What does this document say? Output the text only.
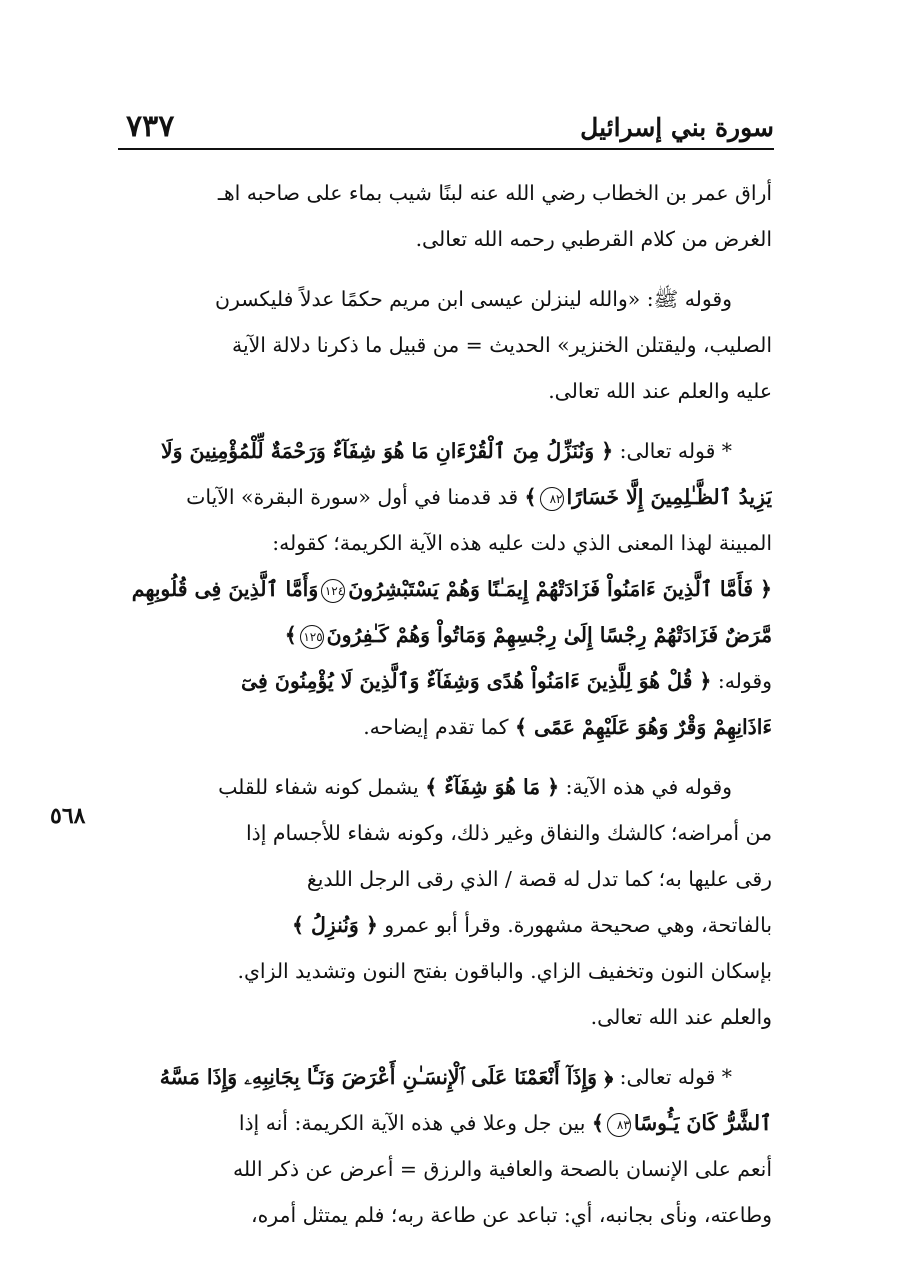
سورة بني إسرائيل
٧٣٧
٥٦٨

أراق عمر بن الخطاب رضي الله عنه لبنًا شيب بماء على صاحبه اهـ
الغرض من كلام القرطبي رحمه الله تعالى.

وقوله ﷺ: «والله لينزلن عيسى ابن مريم حكمًا عدلاً فليكسرن
الصليب، وليقتلن الخنزير» الحديث = من قبيل ما ذكرنا دلالة الآية
عليه والعلم عند الله تعالى.

* قوله تعالى: ﴿ وَنُنَزِّلُ مِنَ ٱلْقُرْءَانِ مَا هُوَ شِفَآءٌ وَرَحْمَةٌ لِّلْمُؤْمِنِينَ وَلَا
يَزِيدُ ٱلظَّـٰلِمِينَ إِلَّا خَسَارًا٨٢﴾ قد قدمنا في أول «سورة البقرة» الآيات
المبينة لهذا المعنى الذي دلت عليه هذه الآية الكريمة؛ كقوله:
﴿ فَأَمَّا ٱلَّذِينَ ءَامَنُواْ فَزَادَتْهُمْ إِيمَـٰنًا وَهُمْ يَسْتَبْشِرُونَ١٢٤وَأَمَّا ٱلَّذِينَ فِى قُلُوبِهِم
مَّرَضٌ فَزَادَتْهُمْ رِجْسًا إِلَىٰ رِجْسِهِمْ وَمَاتُواْ وَهُمْ كَـٰفِرُونَ١٢٥﴾
وقوله: ﴿ قُلْ هُوَ لِلَّذِينَ ءَامَنُواْ هُدًى وَشِفَآءٌ وَٱلَّذِينَ لَا يُؤْمِنُونَ فِىٓ
ءَاذَانِهِمْ وَقْرٌ وَهُوَ عَلَيْهِمْ عَمًى ﴾ كما تقدم إيضاحه.

وقوله في هذه الآية: ﴿ مَا هُوَ شِفَآءٌ ﴾ يشمل كونه شفاء للقلب
من أمراضه؛ كالشك والنفاق وغير ذلك، وكونه شفاء للأجسام إذا
رقى عليها به؛ كما تدل له قصة / الذي رقى الرجل اللديغ
بالفاتحة، وهي صحيحة مشهورة. وقرأ أبو عمرو ﴿ وَنُنزِلُ ﴾
بإسكان النون وتخفيف الزاي. والباقون بفتح النون وتشديد الزاي.
والعلم عند الله تعالى.

* قوله تعالى: ﴿ وَإِذَآ أَنْعَمْنَا عَلَى ٱلْإِنسَـٰنِ أَعْرَضَ وَنَـَٔا بِجَانِبِهِۦ وَإِذَا مَسَّهُ
ٱلشَّرُّ كَانَ يَـُٔوسًا٨٣﴾ بين جل وعلا في هذه الآية الكريمة: أنه إذا
أنعم على الإنسان بالصحة والعافية والرزق = أعرض عن ذكر الله
وطاعته، ونأى بجانبه، أي: تباعد عن طاعة ربه؛ فلم يمتثل أمره،
